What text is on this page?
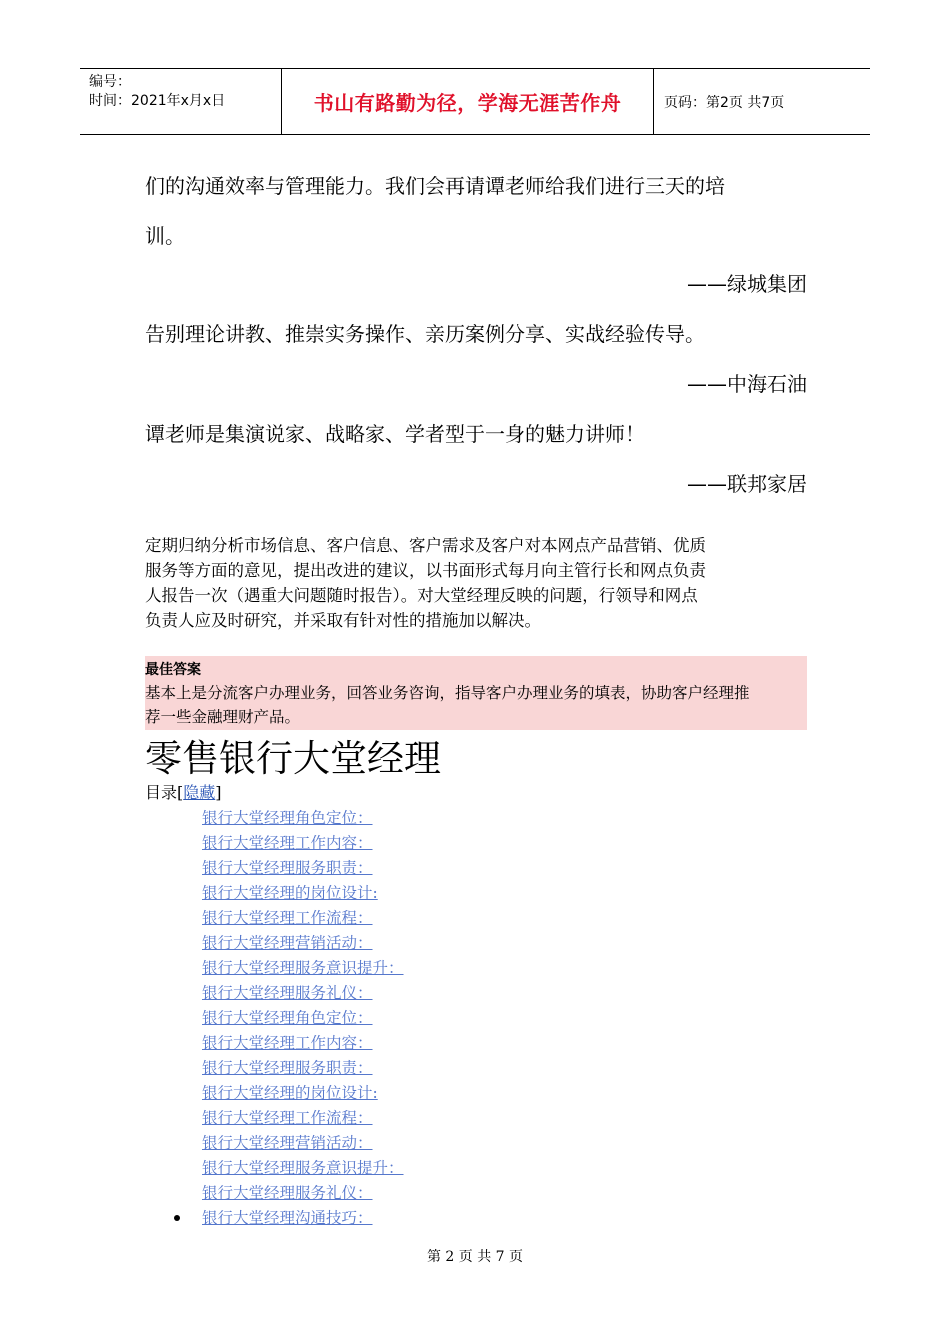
编号：
时间：2021年x月x日	书山有路勤为径，学海无涯苦作舟	页码：第2页 共7页
们的沟通效率与管理能力。我们会再请谭老师给我们进行三天的培
训。
——绿城集团
告别理论讲教、推崇实务操作、亲历案例分享、实战经验传导。
——中海石油
谭老师是集演说家、战略家、学者型于一身的魅力讲师！
——联邦家居
定期归纳分析市场信息、客户信息、客户需求及客户对本网点产品营销、优质
服务等方面的意见，提出改进的建议，以书面形式每月向主管行长和网点负责
人报告一次（遇重大问题随时报告）。对大堂经理反映的问题，行领导和网点
负责人应及时研究，并采取有针对性的措施加以解决。
最佳答案
基本上是分流客户办理业务，回答业务咨询，指导客户办理业务的填表，协助客户经理推
荐一些金融理财产品。
零售银行大堂经理
目录[隐藏]
银行大堂经理角色定位：
银行大堂经理工作内容：
银行大堂经理服务职责：
银行大堂经理的岗位设计:
银行大堂经理工作流程：
银行大堂经理营销活动：
银行大堂经理服务意识提升：
银行大堂经理服务礼仪：
银行大堂经理角色定位：
银行大堂经理工作内容：
银行大堂经理服务职责：
银行大堂经理的岗位设计:
银行大堂经理工作流程：
银行大堂经理营销活动：
银行大堂经理服务意识提升：
银行大堂经理服务礼仪：
银行大堂经理沟通技巧：
第 2 页 共 7 页
